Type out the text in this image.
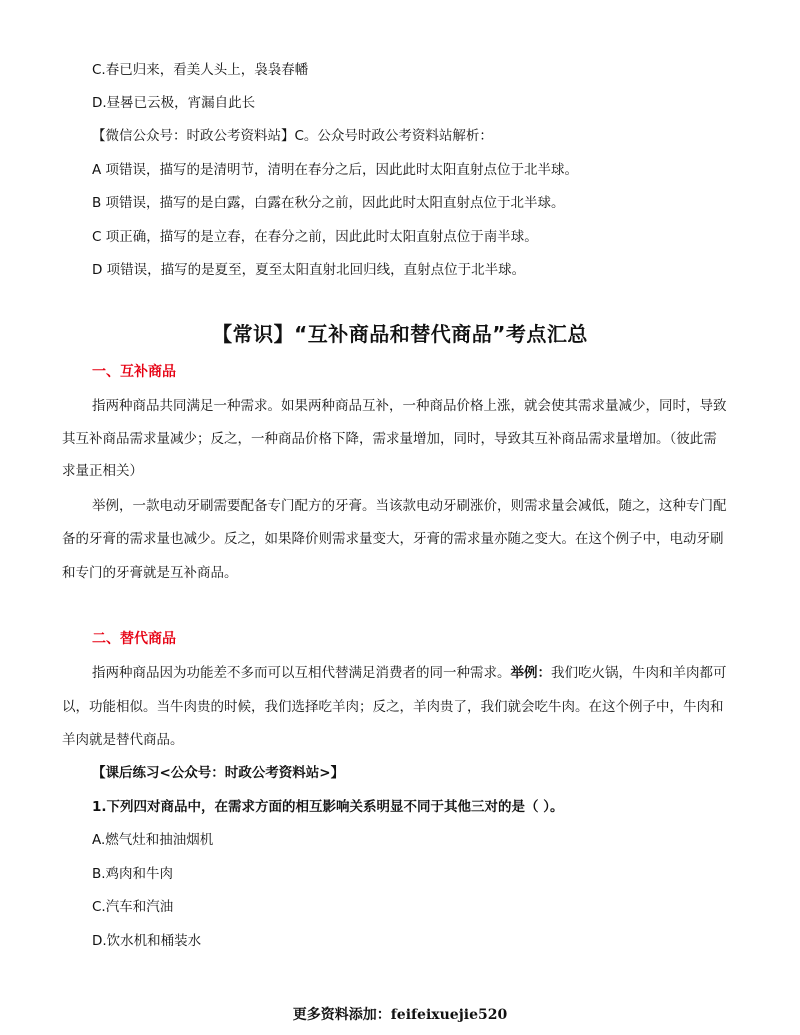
C.春已归来，看美人头上，袅袅春幡
D.昼晷已云极，宵漏自此长
【微信公众号：时政公考资料站】C。公众号时政公考资料站解析：
A 项错误，描写的是清明节，清明在春分之后，因此此时太阳直射点位于北半球。
B 项错误，描写的是白露，白露在秋分之前，因此此时太阳直射点位于北半球。
C 项正确，描写的是立春，在春分之前，因此此时太阳直射点位于南半球。
D 项错误，描写的是夏至，夏至太阳直射北回归线，直射点位于北半球。
【常识】“互补商品和替代商品”考点汇总
一、互补商品
指两种商品共同满足一种需求。如果两种商品互补，一种商品价格上涨，就会使其需求量减少，同时，导致
其互补商品需求量减少；反之，一种商品价格下降，需求量增加，同时，导致其互补商品需求量增加。（彼此需
求量正相关）
举例，一款电动牙刷需要配备专门配方的牙膏。当该款电动牙刷涨价，则需求量会减低，随之，这种专门配
备的牙膏的需求量也减少。反之，如果降价则需求量变大，牙膏的需求量亦随之变大。在这个例子中，电动牙刷
和专门的牙膏就是互补商品。
二、替代商品
指两种商品因为功能差不多而可以互相代替满足消费者的同一种需求。举例：我们吃火锅，牛肉和羊肉都可
以，功能相似。当牛肉贵的时候，我们选择吃羊肉；反之，羊肉贵了，我们就会吃牛肉。在这个例子中，牛肉和
羊肉就是替代商品。
【课后练习<公众号：时政公考资料站>】
1.下列四对商品中，在需求方面的相互影响关系明显不同于其他三对的是（ ）。
A.燃气灶和抽油烟机
B.鸡肉和牛肉
C.汽车和汽油
D.饮水机和桶装水
更多资料添加：feifeixuejie520
